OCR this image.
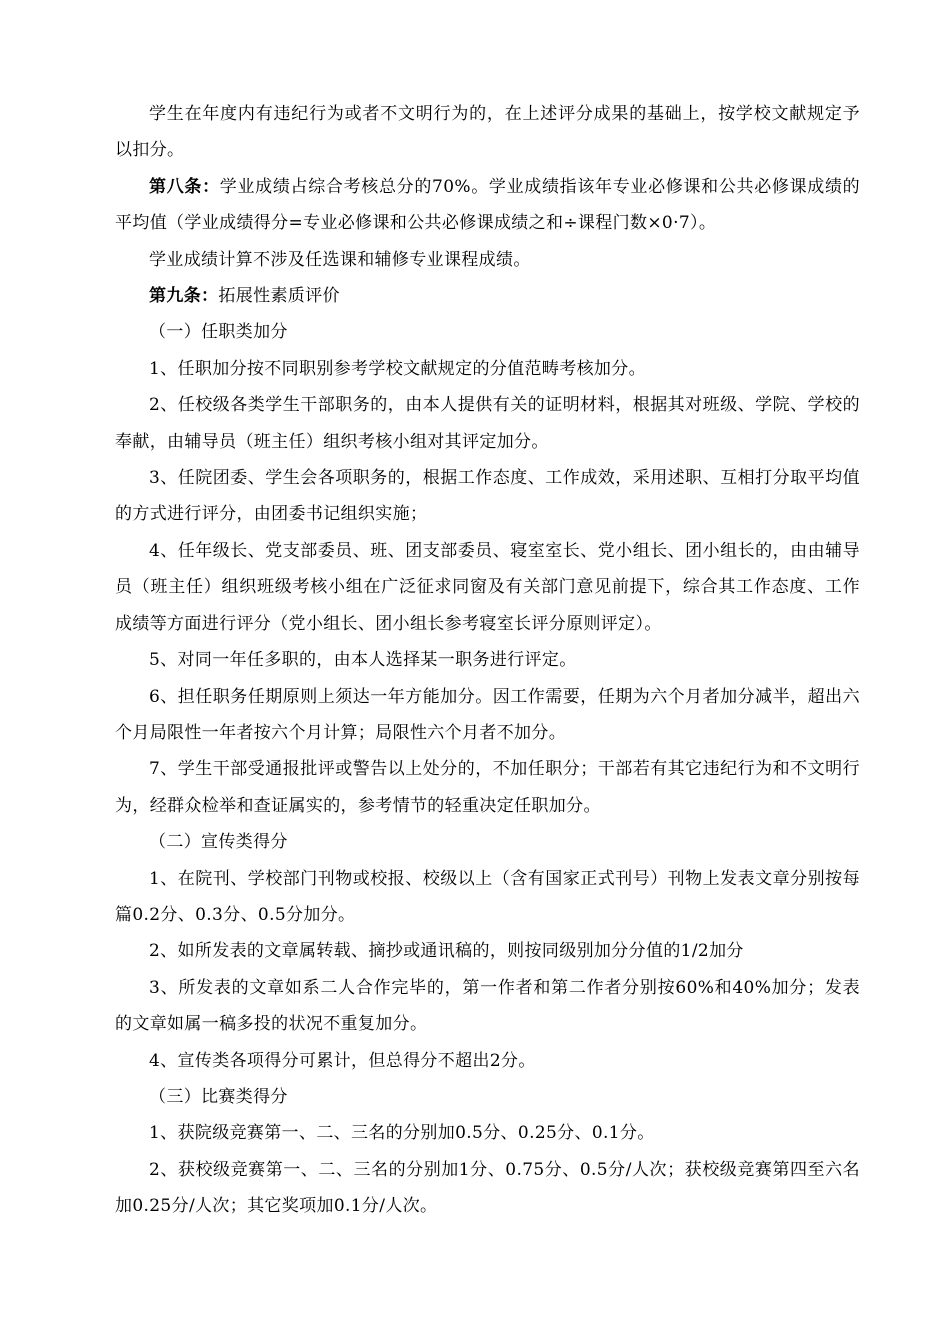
学生在年度内有违纪行为或者不文明行为的，在上述评分成果的基础上，按学校文献规定予以扣分。

第八条：学业成绩占综合考核总分的70%。学业成绩指该年专业必修课和公共必修课成绩的平均值（学业成绩得分=专业必修课和公共必修课成绩之和÷课程门数×0·7）。

学业成绩计算不涉及任选课和辅修专业课程成绩。

第九条：拓展性素质评价

（一）任职类加分

1、任职加分按不同职别参考学校文献规定的分值范畴考核加分。

2、任校级各类学生干部职务的，由本人提供有关的证明材料，根据其对班级、学院、学校的奉献，由辅导员（班主任）组织考核小组对其评定加分。

3、任院团委、学生会各项职务的，根据工作态度、工作成效，采用述职、互相打分取平均值的方式进行评分，由团委书记组织实施；

4、任年级长、党支部委员、班、团支部委员、寝室室长、党小组长、团小组长的，由由辅导员（班主任）组织班级考核小组在广泛征求同窗及有关部门意见前提下，综合其工作态度、工作成绩等方面进行评分（党小组长、团小组长参考寝室长评分原则评定）。

5、对同一年任多职的，由本人选择某一职务进行评定。

6、担任职务任期原则上须达一年方能加分。因工作需要，任期为六个月者加分减半，超出六个月局限性一年者按六个月计算；局限性六个月者不加分。

7、学生干部受通报批评或警告以上处分的，不加任职分；干部若有其它违纪行为和不文明行为，经群众检举和查证属实的，参考情节的轻重决定任职加分。

（二）宣传类得分

1、在院刊、学校部门刊物或校报、校级以上（含有国家正式刊号）刊物上发表文章分别按每篇0.2分、0.3分、0.5分加分。

2、如所发表的文章属转载、摘抄或通讯稿的，则按同级别加分分值的1/2加分

3、所发表的文章如系二人合作完毕的，第一作者和第二作者分别按60%和40%加分；发表的文章如属一稿多投的状况不重复加分。

4、宣传类各项得分可累计，但总得分不超出2分。

（三）比赛类得分

1、获院级竞赛第一、二、三名的分别加0.5分、0.25分、0.1分。

2、获校级竞赛第一、二、三名的分别加1分、0.75分、0.5分/人次；获校级竞赛第四至六名加0.25分/人次；其它奖项加0.1分/人次。
